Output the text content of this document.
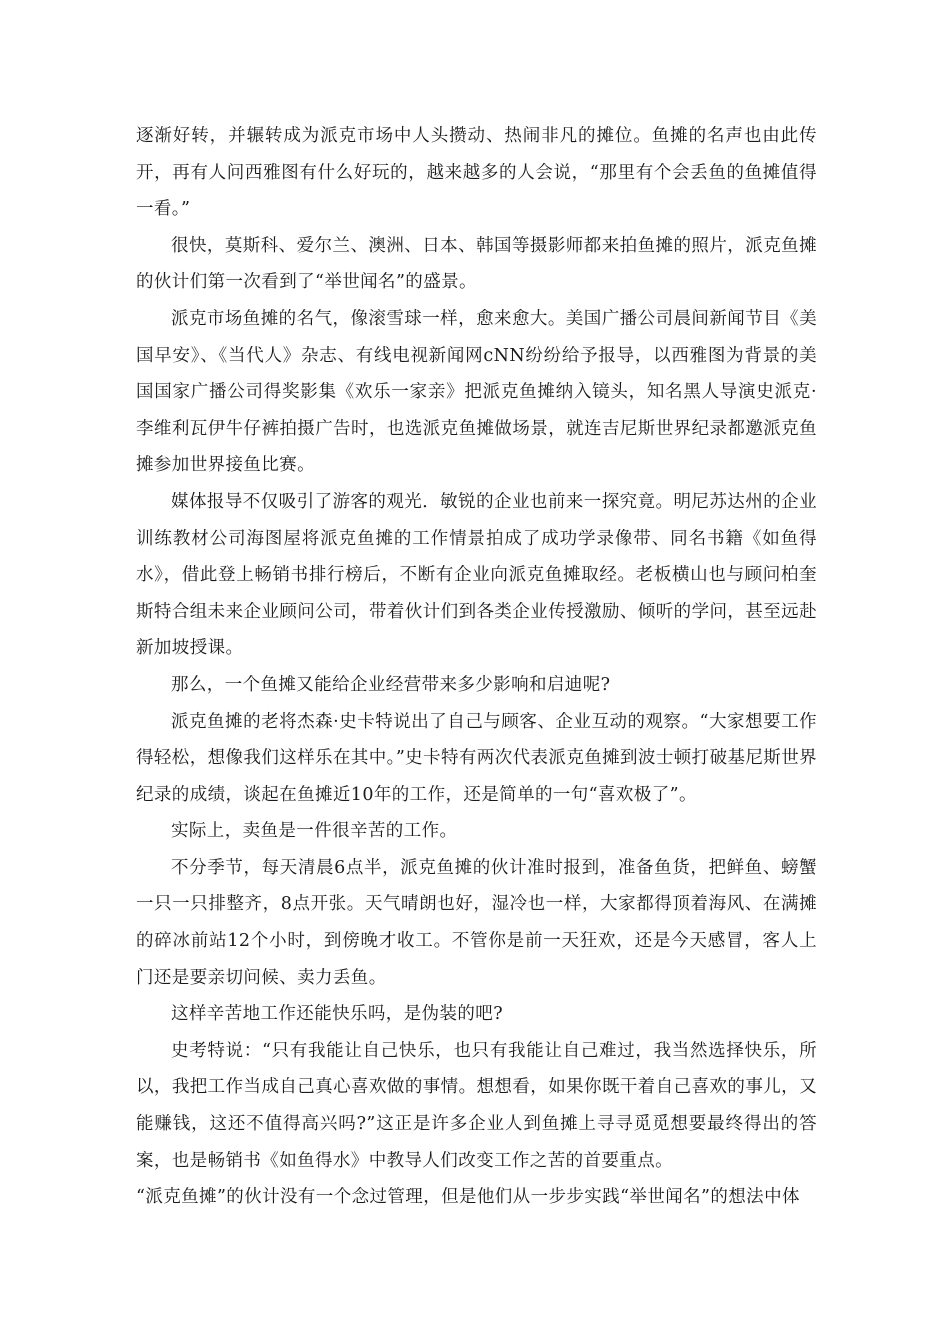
逐渐好转，并辗转成为派克市场中人头攒动、热闹非凡的摊位。鱼摊的名声也由此传开，再有人问西雅图有什么好玩的，越来越多的人会说，“那里有个会丢鱼的鱼摊值得一看。”

很快，莫斯科、爱尔兰、澳洲、日本、韩国等摄影师都来拍鱼摊的照片，派克鱼摊的伙计们第一次看到了“举世闻名”的盛景。

派克市场鱼摊的名气，像滚雪球一样，愈来愈大。美国广播公司晨间新闻节目《美国早安》、《当代人》杂志、有线电视新闻网cNN纷纷给予报导，以西雅图为背景的美国国家广播公司得奖影集《欢乐一家亲》把派克鱼摊纳入镜头，知名黑人导演史派克·李维利瓦伊牛仔裤拍摄广告时，也选派克鱼摊做场景，就连吉尼斯世界纪录都邀派克鱼摊参加世界接鱼比赛。

媒体报导不仅吸引了游客的观光．敏锐的企业也前来一探究竟。明尼苏达州的企业训练教材公司海图屋将派克鱼摊的工作情景拍成了成功学录像带、同名书籍《如鱼得水》，借此登上畅销书排行榜后，不断有企业向派克鱼摊取经。老板横山也与顾问柏奎斯特合组未来企业顾问公司，带着伙计们到各类企业传授激励、倾听的学问，甚至远赴新加坡授课。

那么，一个鱼摊又能给企业经营带来多少影响和启迪呢?

派克鱼摊的老将杰森·史卡特说出了自己与顾客、企业互动的观察。“大家想要工作得轻松，想像我们这样乐在其中。”史卡特有两次代表派克鱼摊到波士顿打破基尼斯世界纪录的成绩，谈起在鱼摊近10年的工作，还是简单的一句“喜欢极了”。

实际上，卖鱼是一件很辛苦的工作。

不分季节，每天清晨6点半，派克鱼摊的伙计准时报到，准备鱼货，把鲜鱼、螃蟹一只一只排整齐，8点开张。天气晴朗也好，湿冷也一样，大家都得顶着海风、在满摊的碎冰前站12个小时，到傍晚才收工。不管你是前一天狂欢，还是今天感冒，客人上门还是要亲切问候、卖力丢鱼。

这样辛苦地工作还能快乐吗，是伪装的吧?

史考特说：“只有我能让自己快乐，也只有我能让自己难过，我当然选择快乐，所以，我把工作当成自己真心喜欢做的事情。想想看，如果你既干着自己喜欢的事儿，又能赚钱，这还不值得高兴吗?”这正是许多企业人到鱼摊上寻寻觅觅想要最终得出的答案，也是畅销书《如鱼得水》中教导人们改变工作之苦的首要重点。

“派克鱼摊”的伙计没有一个念过管理，但是他们从一步步实践“举世闻名”的想法中体
